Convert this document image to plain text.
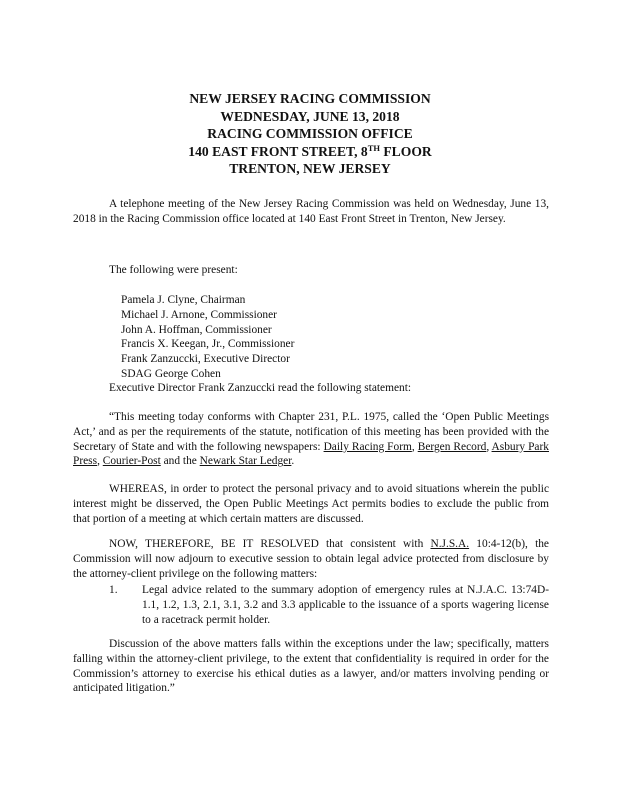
NEW JERSEY RACING COMMISSION
WEDNESDAY, JUNE 13, 2018
RACING COMMISSION OFFICE
140 EAST FRONT STREET, 8TH FLOOR
TRENTON, NEW JERSEY
A telephone meeting of the New Jersey Racing Commission was held on Wednesday, June 13, 2018 in the Racing Commission office located at 140 East Front Street in Trenton, New Jersey.
The following were present:
Pamela J. Clyne, Chairman
Michael J. Arnone, Commissioner
John A. Hoffman, Commissioner
Francis X. Keegan, Jr., Commissioner
Frank Zanzuccki, Executive Director
SDAG George Cohen
Executive Director Frank Zanzuccki read the following statement:
“This meeting today conforms with Chapter 231, P.L. 1975, called the ‘Open Public Meetings Act,’ and as per the requirements of the statute, notification of this meeting has been provided with the Secretary of State and with the following newspapers: Daily Racing Form, Bergen Record, Asbury Park Press, Courier-Post and the Newark Star Ledger.
WHEREAS, in order to protect the personal privacy and to avoid situations wherein the public interest might be disserved, the Open Public Meetings Act permits bodies to exclude the public from that portion of a meeting at which certain matters are discussed.
NOW, THEREFORE, BE IT RESOLVED that consistent with N.J.S.A. 10:4-12(b), the Commission will now adjourn to executive session to obtain legal advice protected from disclosure by the attorney-client privilege on the following matters:
1. Legal advice related to the summary adoption of emergency rules at N.J.A.C. 13:74D-1.1, 1.2, 1.3, 2.1, 3.1, 3.2 and 3.3 applicable to the issuance of a sports wagering license to a racetrack permit holder.
Discussion of the above matters falls within the exceptions under the law; specifically, matters falling within the attorney-client privilege, to the extent that confidentiality is required in order for the Commission’s attorney to exercise his ethical duties as a lawyer, and/or matters involving pending or anticipated litigation.”
